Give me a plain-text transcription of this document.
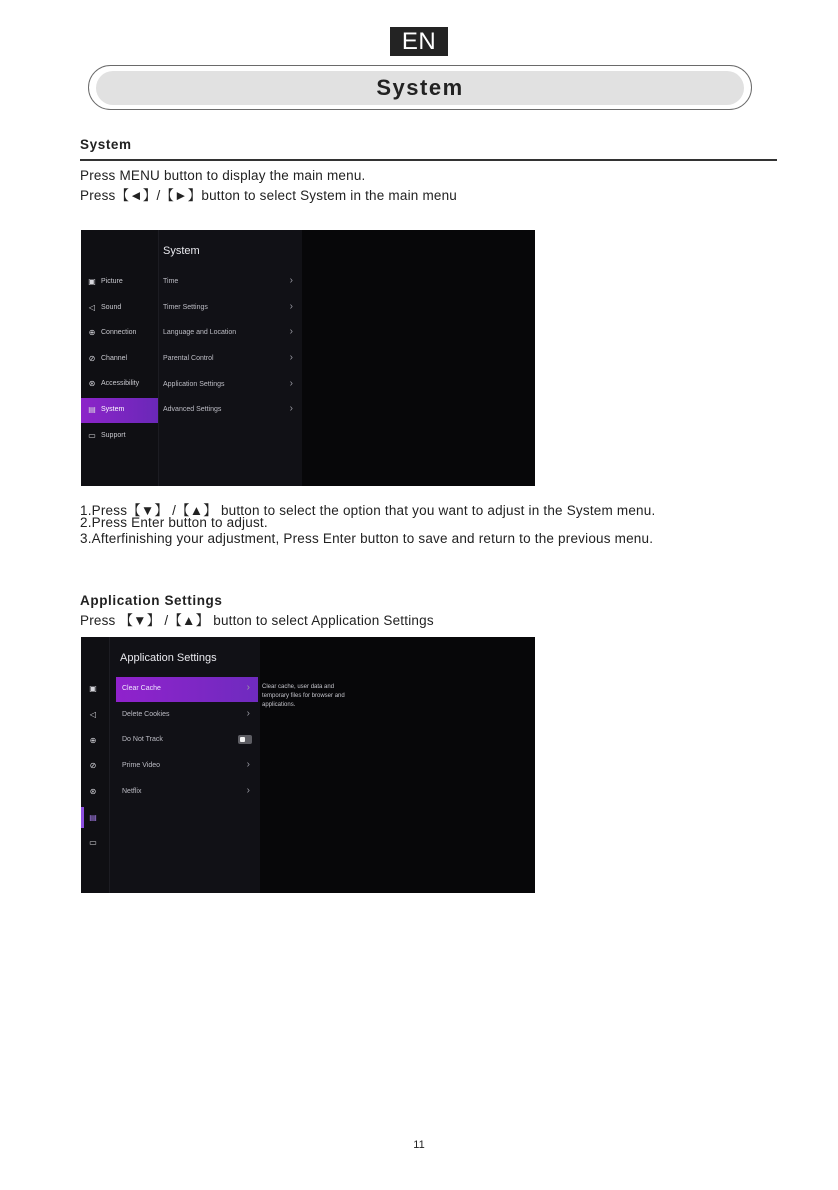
EN
System
System
Press MENU button to display the main menu.
Press【◄】/【►】button to select System in the main menu
▣ Picture
◁ Sound
⊕ Connection
⊘ Channel
⊛ Accessibility
▤ System
▭ Support
System
Time	›
Timer Settings	›
Language and Location	›
Parental Control	›
Application Settings	›
Advanced Settings	›
1.Press【▼】 /【▲】 button to select the option that you want to adjust in the System menu.
2.Press Enter button to adjust.
3.Afterfinishing your adjustment, Press Enter button to save and return to the previous menu.
Application Settings
Press 【▼】 /【▲】 button to select Application Settings
▣
◁
⊕
⊘
⊛
▤
▭
Application Settings
Clear Cache	›
Delete Cookies	›
Do Not Track
Prime Video	›
Netflix	›
Clear cache, user data and temporary files for browser and applications.
11
